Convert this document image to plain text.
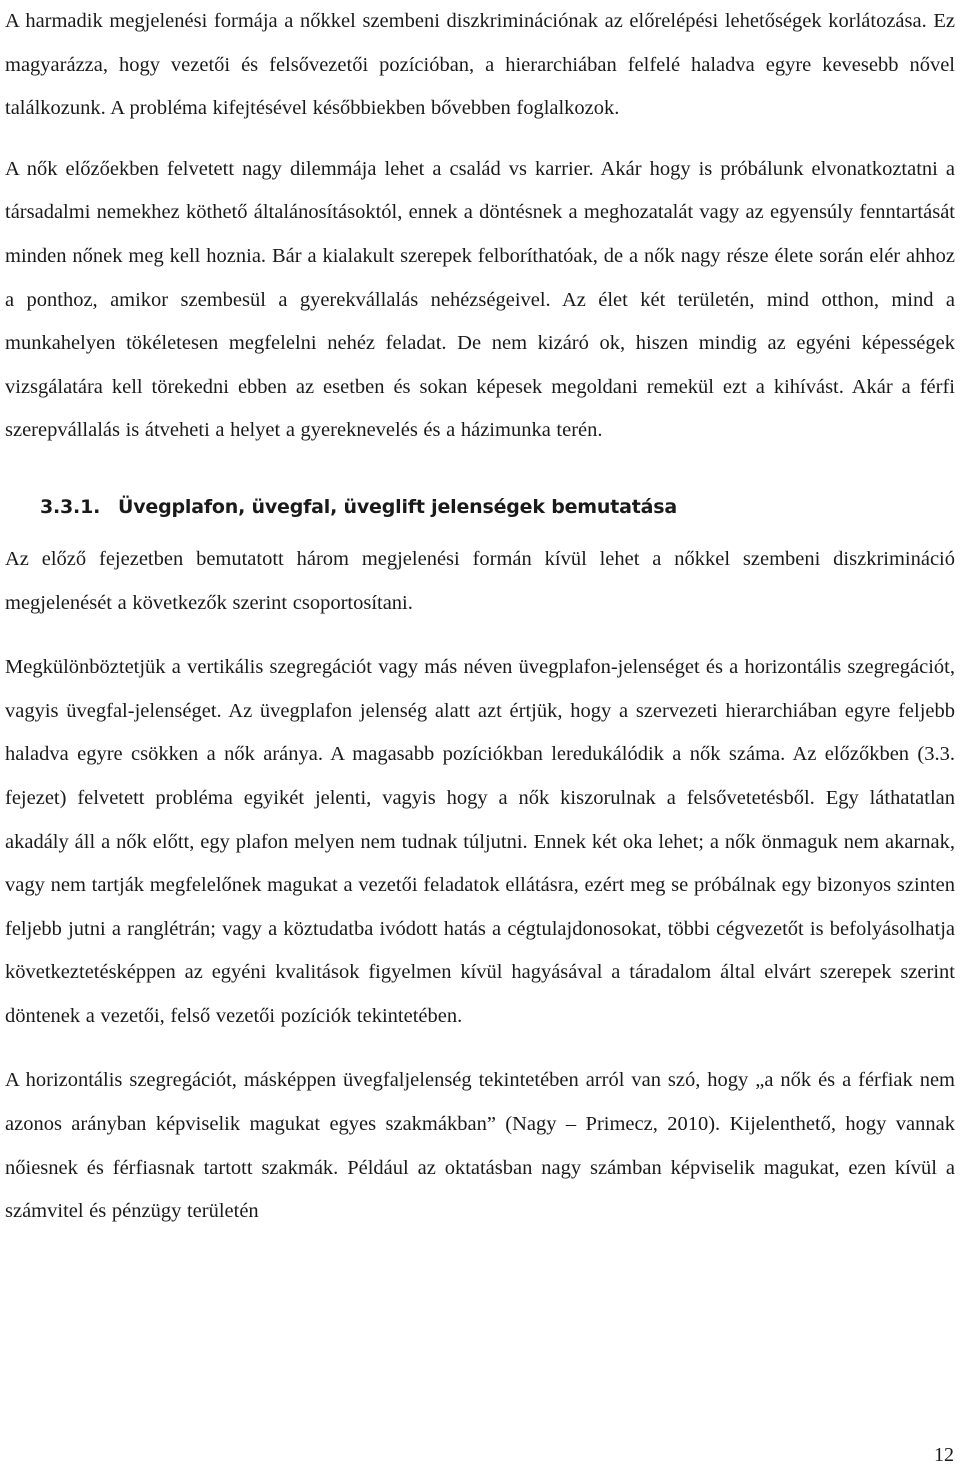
A harmadik megjelenési formája a nőkkel szembeni diszkriminációnak az előrelépési lehetőségek korlátozása. Ez magyarázza, hogy vezetői és felsővezetői pozícióban, a hierarchiában felfelé haladva egyre kevesebb nővel találkozunk. A probléma kifejtésével későbbiekben bővebben foglalkozok.

A nők előzőekben felvetett nagy dilemmája lehet a család vs karrier. Akár hogy is próbálunk elvonatkoztatni a társadalmi nemekhez köthető általánosításoktól, ennek a döntésnek a meghozatalát vagy az egyensúly fenntartását minden nőnek meg kell hoznia. Bár a kialakult szerepek felboríthatóak, de a nők nagy része élete során elér ahhoz a ponthoz, amikor szembesül a gyerekvállalás nehézségeivel. Az élet két területén, mind otthon, mind a munkahelyen tökéletesen megfelelni nehéz feladat. De nem kizáró ok, hiszen mindig az egyéni képességek vizsgálatára kell törekedni ebben az esetben és sokan képesek megoldani remekül ezt a kihívást. Akár a férfi szerepvállalás is átveheti a helyet a gyereknevelés és a házimunka terén.

3.3.1. Üvegplafon, üvegfal, üveglift jelenségek bemutatása

Az előző fejezetben bemutatott három megjelenési formán kívül lehet a nőkkel szembeni diszkrimináció megjelenését a következők szerint csoportosítani.

Megkülönböztetjük a vertikális szegregációt vagy más néven üvegplafon-jelenséget és a horizontális szegregációt, vagyis üvegfal-jelenséget. Az üvegplafon jelenség alatt azt értjük, hogy a szervezeti hierarchiában egyre feljebb haladva egyre csökken a nők aránya. A magasabb pozíciókban leredukálódik a nők száma. Az előzőkben (3.3. fejezet) felvetett probléma egyikét jelenti, vagyis hogy a nők kiszorulnak a felsővetetésből. Egy láthatatlan akadály áll a nők előtt, egy plafon melyen nem tudnak túljutni. Ennek két oka lehet; a nők önmaguk nem akarnak, vagy nem tartják megfelelőnek magukat a vezetői feladatok ellátásra, ezért meg se próbálnak egy bizonyos szinten feljebb jutni a ranglétrán; vagy a köztudatba ivódott hatás a cégtulajdonosokat, többi cégvezetőt is befolyásolhatja következtetésképpen az egyéni kvalitások figyelmen kívül hagyásával a táradalom által elvárt szerepek szerint döntenek a vezetői, felső vezetői pozíciók tekintetében.

A horizontális szegregációt, másképpen üvegfaljelenség tekintetében arról van szó, hogy „a nők és a férfiak nem azonos arányban képviselik magukat egyes szakmákban” (Nagy – Primecz, 2010). Kijelenthető, hogy vannak nőiesnek és férfiasnak tartott szakmák. Például az oktatásban nagy számban képviselik magukat, ezen kívül a számvitel és pénzügy területén

12
